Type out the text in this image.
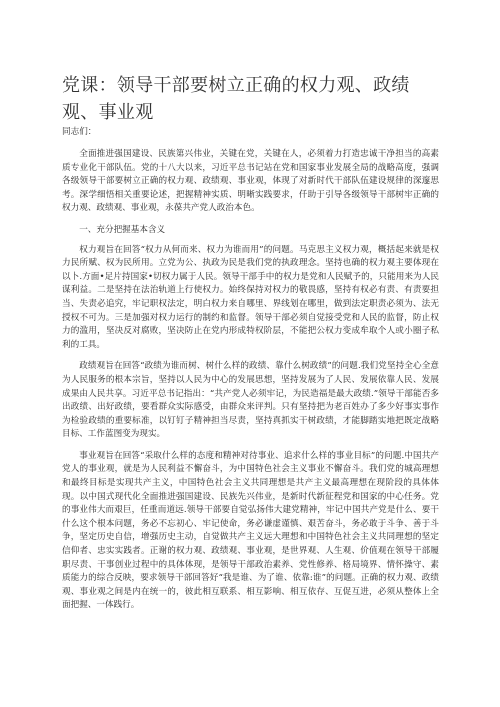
党课：领导干部要树立正确的权力观、政绩观、事业观
同志们：

全面推进强国建设、民族第兴伟业，关键在党，关键在人，必须着力打造忠诚干净担当的高素质专业化干部队伍。党的十八大以来，习近平总书记站在党和国家事业发展全局的战略高度，强调各级领导干部要树立正确的权力观、政绩观、事业观，体现了对新时代干部队伍建设规律的深邃思考。深学细悟相关重要论述，把握精神实质、明晰实践要求，仟助于引导各级领导干部树牢正确的权力观、政绩观、事业观，永葆共产党人政治本色。

一、充分把握基本含义

权力观旨在回答“权力从何而来、权力为谁而用”的问题。马克思主义权力观，概括起来就是权力民所赋、权为民所用。立党为公、执政为民是我们党的执政理念。坚持也确的权力观主要体现在以卜.方面•足片持国家•切权力属于人民。领导干部手中的权力是党和人民赋予的，只能用来为人民谋利益。二是坚持在法治轨道上行使权力。始终保持对权力的敬畏感，坚持有权必有责、有责要担当、失责必追究，牢记职权法定，明白权力来自哪里、界线划在哪里，做到法定职责必须为、法无授权不可为。三是加强对权力运行的制约和监督。领导干部必须自觉接受党和人民的监督，防止权力的滥用，坚决反对腐败，坚决防止在党内形成特权阶层，不能把公权力变成牟取个人或小圈子私利的工具。

政绩观旨在回答“政绩为谁而树、树什么样的政绩、靠什么树政绩”的问题.我们党坚持全心全意为人民服务的根本宗旨，坚持以人民为中心的发展思想，坚持发展为了人民、发展依靠人民、发展成果由人民共享。习近平总书记指出：“共产党人必须牢记，为民造福是最大政绩.”领导干部能否多出政绩、出好政绩，要看群众实际感受，由群众来评判。只有坚持把为老百姓办了多少好事实事作为检验政绩的重要标准，以钉钉子精神担当尽责，坚持真抓实干树政绩，才能脚踏实地把既定战略目标、工作蓝图变为现实。

事业观旨在回答“采取什么样的态度和精神对待事业、追求什么样的事业目标”的问题.中国共产党人的事业观，就是为人民利益不懈奋斗，为中国特色社会主义事业不懈奋斗。我们党的城高理想和最终目标是实现共产主义，中国特色社会主义共同理想是共产主义最高理想在现阶段的具体体现。以中国式现代化全面推进强国建设、民族先兴伟业，是新时代新征程党和国家的中心任务。党的事业伟大而艰巨，任重而道远.领导干部要自觉弘扬伟大建党精神，牢记中国共产党是什么、要干什么这个根本问题，务必不忘初心、牢记使命，务必谦虚谨慎、艰苦奋斗，务必敢于斗争、善于斗争，坚定历史自信，增强历史主动，自觉做共产主义远大理想和中国特色社会主义共同理想的坚定信仰者、忠实实践者。正谢的权力观、政绩观、事业观，是世界观、人生观、价值观在领导干部履职尽责、干事创业过程中的具体体现，是领导干部政治素养、党性修养、格局境界、情怀操守、素质能力的综合反映，要求领导干部回答好“我是谁、为了谁、依靠:谁”的问题。正确的权力观、政绩观、事业观之间是内在统一的，彼此相互联系、相互影响、相互依存、互促互进，必须从整体上全面把握、一体践行。
